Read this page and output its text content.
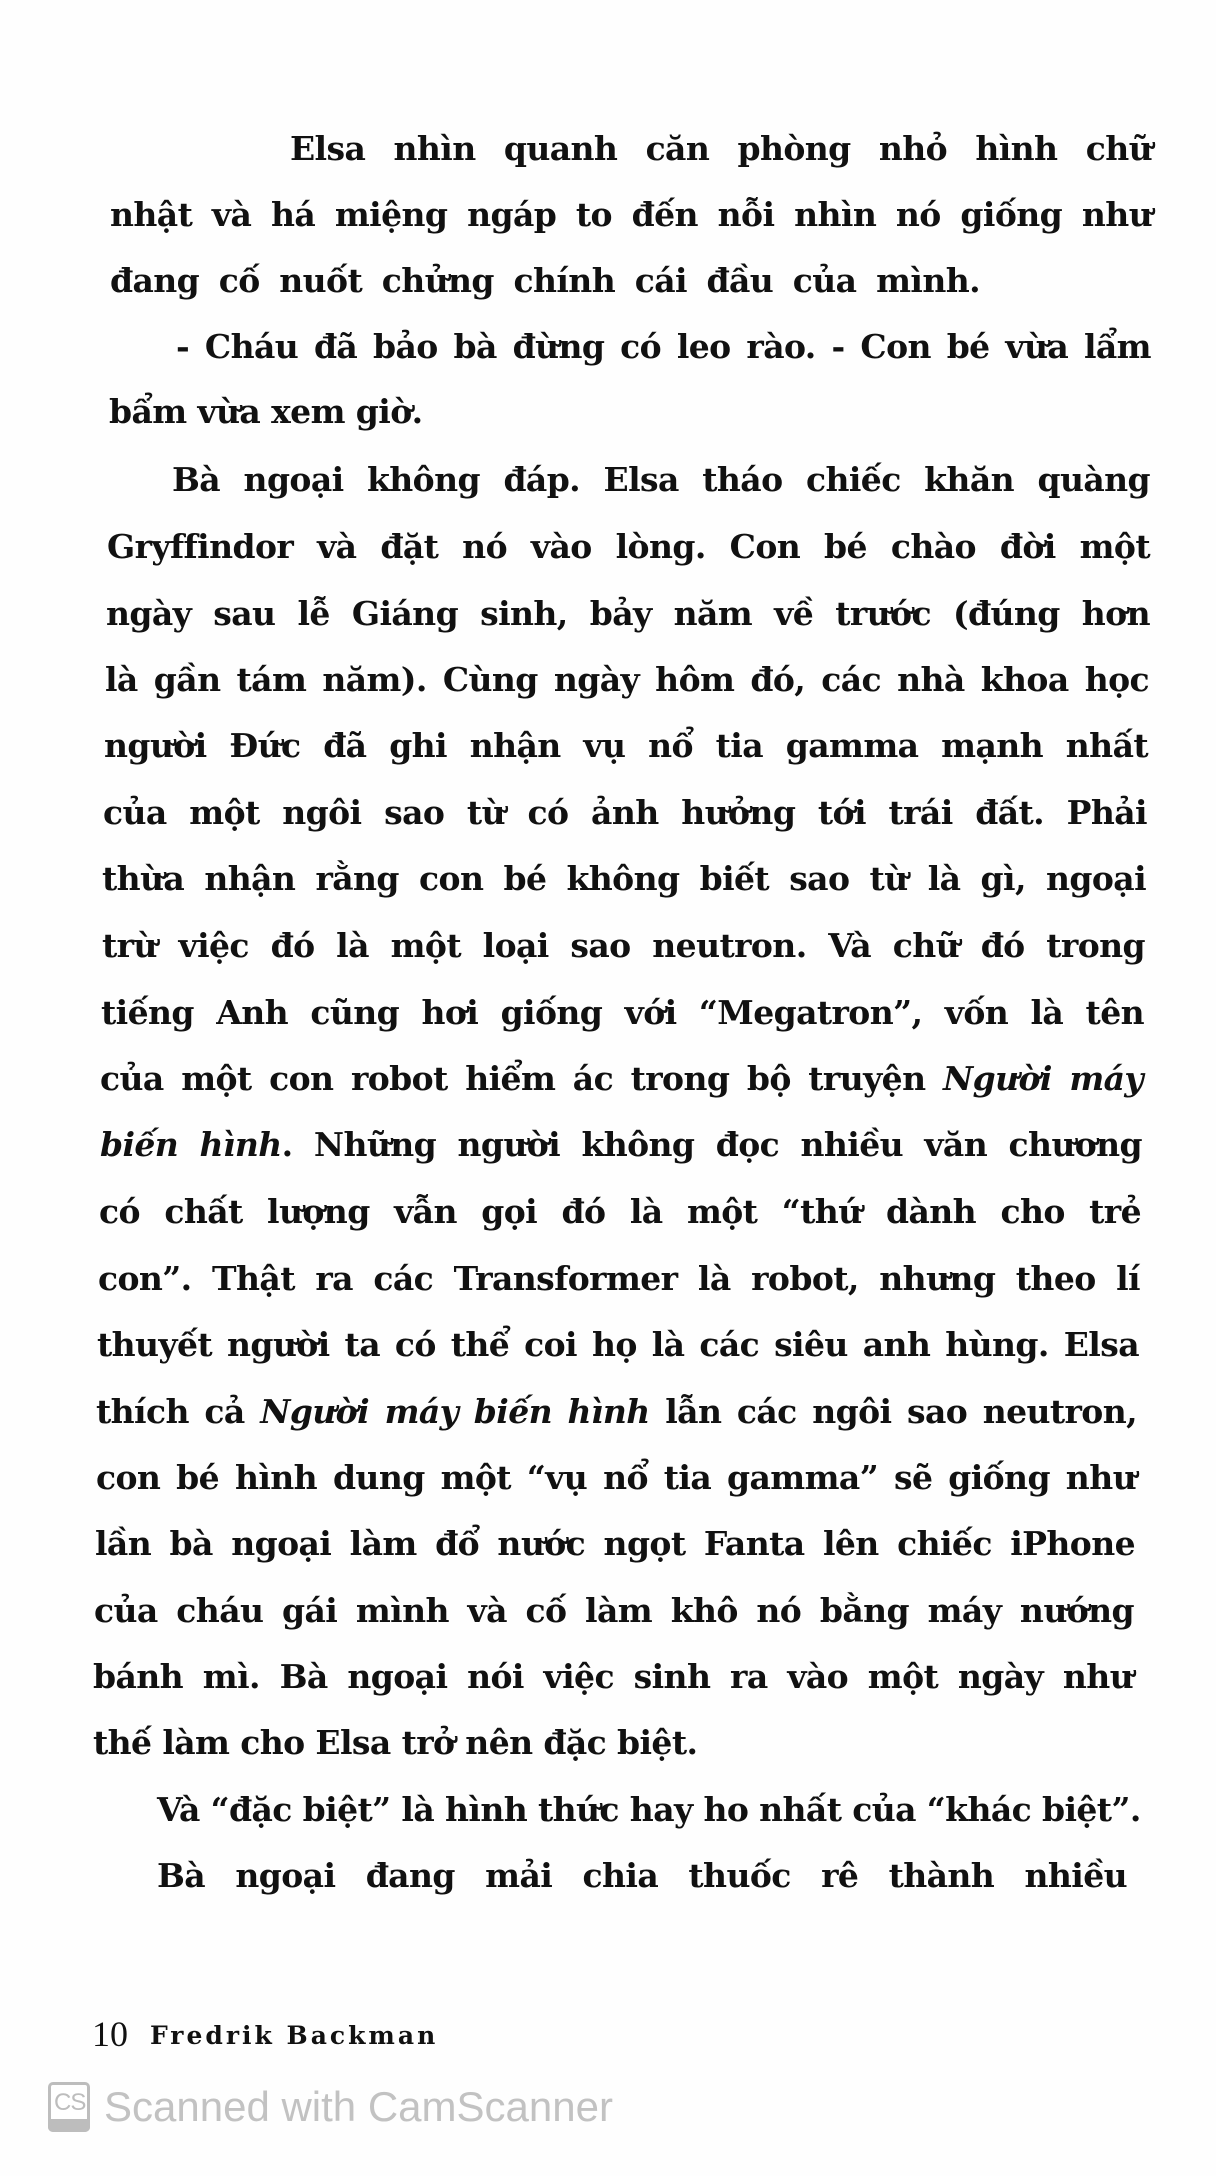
Elsa nhìn quanh căn phòng nhỏ hình chữ
nhật và há miệng ngáp to đến nỗi nhìn nó giống như
đang cố nuốt chửng chính cái đầu của mình.
- Cháu đã bảo bà đừng có leo rào. - Con bé vừa lẩm
bẩm vừa xem giờ.
Bà ngoại không đáp. Elsa tháo chiếc khăn quàng
Gryffindor và đặt nó vào lòng. Con bé chào đời một
ngày sau lễ Giáng sinh, bảy năm về trước (đúng hơn
là gần tám năm). Cùng ngày hôm đó, các nhà khoa học
người Đức đã ghi nhận vụ nổ tia gamma mạnh nhất
của một ngôi sao từ có ảnh hưởng tới trái đất. Phải
thừa nhận rằng con bé không biết sao từ là gì, ngoại
trừ việc đó là một loại sao neutron. Và chữ đó trong
tiếng Anh cũng hơi giống với “Megatron”, vốn là tên
của một con robot hiểm ác trong bộ truyện Người máy
biến hình. Những người không đọc nhiều văn chương
có chất lượng vẫn gọi đó là một “thứ dành cho trẻ
con”. Thật ra các Transformer là robot, nhưng theo lí
thuyết người ta có thể coi họ là các siêu anh hùng. Elsa
thích cả Người máy biến hình lẫn các ngôi sao neutron,
con bé hình dung một “vụ nổ tia gamma” sẽ giống như
lần bà ngoại làm đổ nước ngọt Fanta lên chiếc iPhone
của cháu gái mình và cố làm khô nó bằng máy nướng
bánh mì. Bà ngoại nói việc sinh ra vào một ngày như
thế làm cho Elsa trở nên đặc biệt.
Và “đặc biệt” là hình thức hay ho nhất của “khác biệt”.
Bà ngoại đang mải chia thuốc rê thành nhiều
10 Fredrik Backman
CS Scanned with CamScanner
